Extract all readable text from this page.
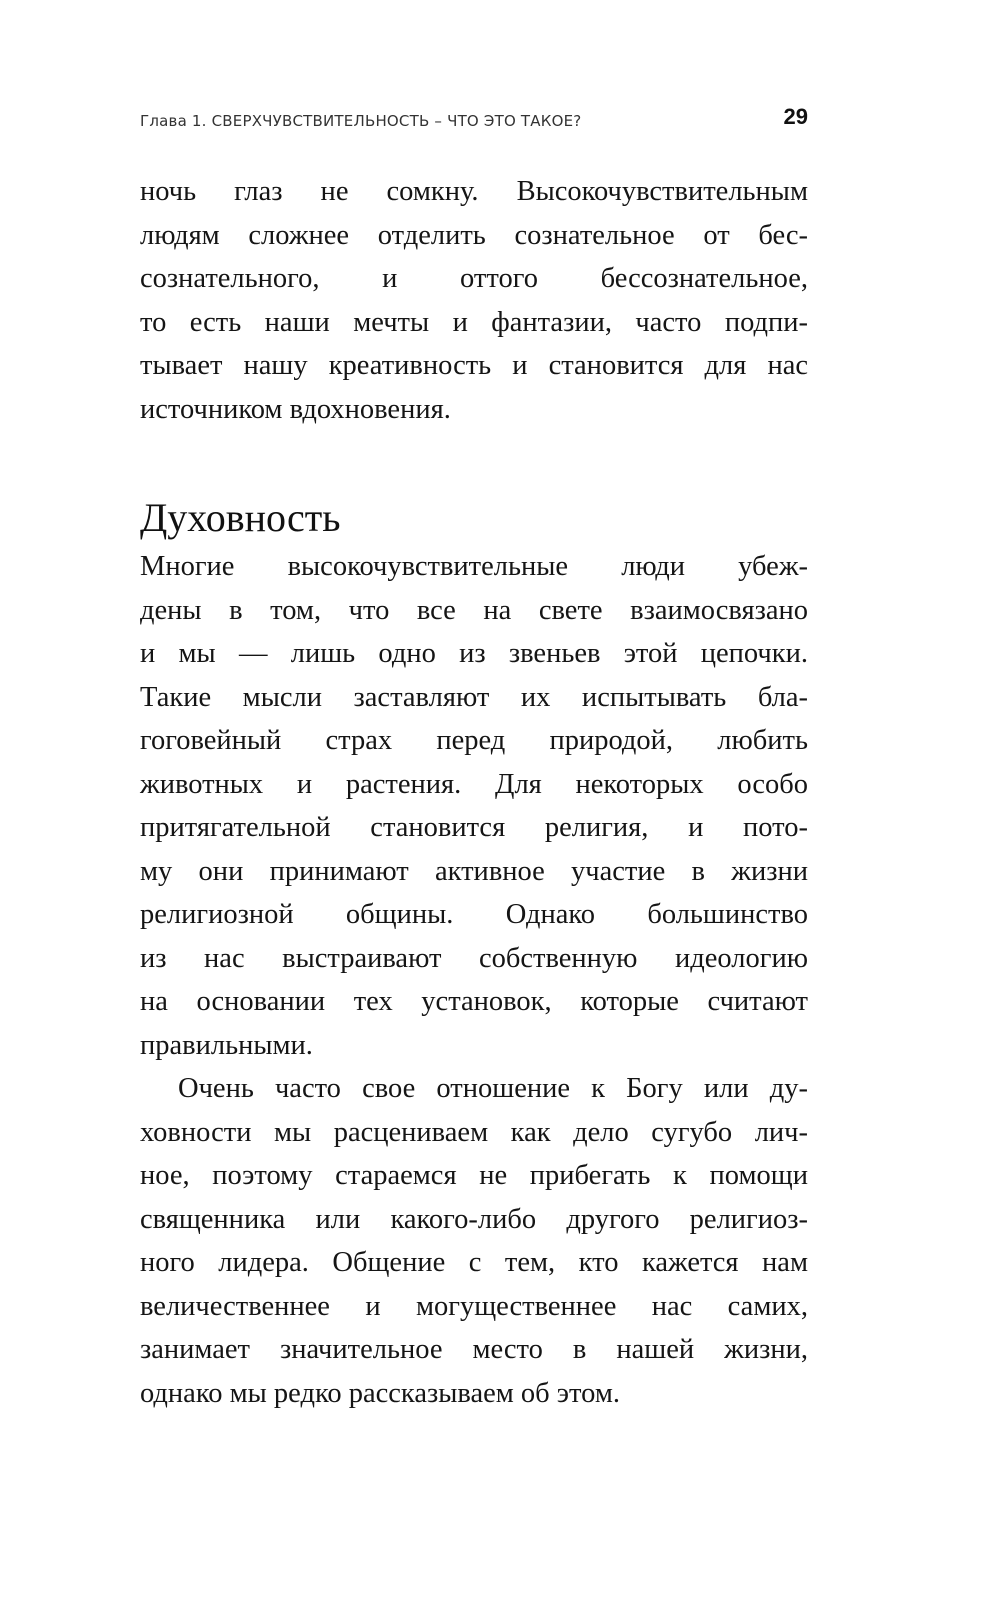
Глава 1. СВЕРХЧУВСТВИТЕЛЬНОСТЬ – ЧТО ЭТО ТАКОЕ?	29
ночь глаз не сомкну. Высокочувствительным
людям сложнее отделить сознательное от бес-
сознательного, и оттого бессознательное,
то есть наши мечты и фантазии, часто подпи-
тывает нашу креативность и становится для нас
источником вдохновения.
Духовность
Многие высокочувствительные люди убеж-
дены в том, что все на свете взаимосвязано
и мы — лишь одно из звеньев этой цепочки.
Такие мысли заставляют их испытывать бла-
гоговейный страх перед природой, любить
животных и растения. Для некоторых особо
притягательной становится религия, и пото-
му они принимают активное участие в жизни
религиозной общины. Однако большинство
из нас выстраивают собственную идеологию
на основании тех установок, которые считают
правильными.
Очень часто свое отношение к Богу или ду-
ховности мы расцениваем как дело сугубо лич-
ное, поэтому стараемся не прибегать к помощи
священника или какого-либо другого религиоз-
ного лидера. Общение с тем, кто кажется нам
величественнее и могущественнее нас самих,
занимает значительное место в нашей жизни,
однако мы редко рассказываем об этом.
